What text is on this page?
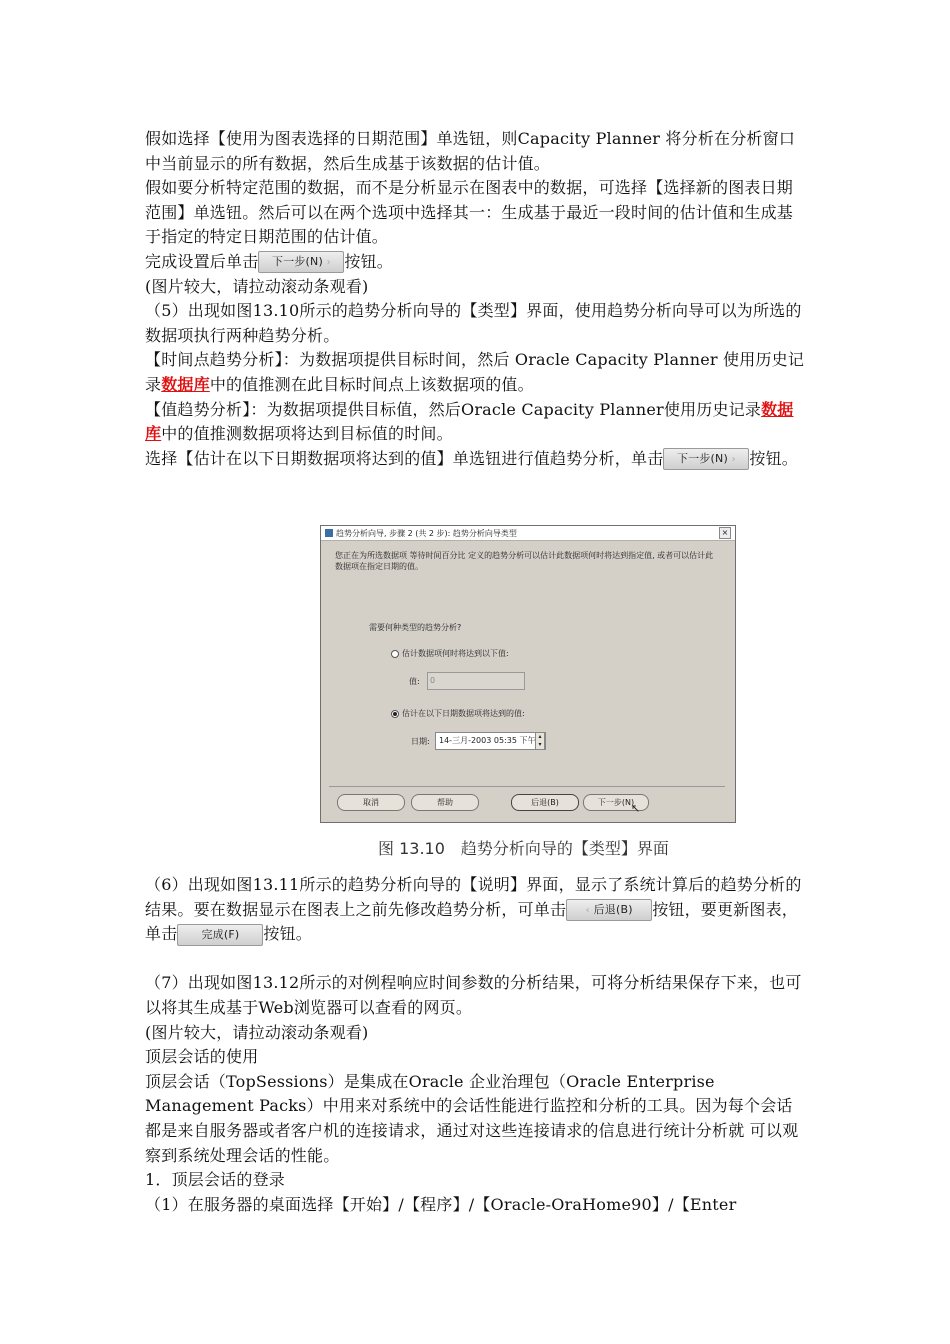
假如选择【使用为图表选择的日期范围】单选钮，则Capacity Planner 将分析在分析窗口中当前显示的所有数据，然后生成基于该数据的估计值。

假如要分析特定范围的数据，而不是分析显示在图表中的数据，可选择【选择新的图表日期范围】单选钮。然后可以在两个选项中选择其一：生成基于最近一段时间的估计值和生成基于指定的特定日期范围的估计值。

完成设置后单击 下一步(N) › 按钮。

(图片较大，请拉动滚动条观看)

（5）出现如图13.10所示的趋势分析向导的【类型】界面，使用趋势分析向导可以为所选的数据项执行两种趋势分析。

【时间点趋势分析】：为数据项提供目标时间，然后 Oracle Capacity Planner 使用历史记录数据库中的值推测在此目标时间点上该数据项的值。

【值趋势分析】：为数据项提供目标值，然后Oracle Capacity Planner使用历史记录数据库中的值推测数据项将达到目标值的时间。

选择【估计在以下日期数据项将达到的值】单选钮进行值趋势分析，单击 下一步(N) › 按钮。

趋势分析向导, 步骤 2 (共 2 步): 趋势分析向导类型	×
您正在为所选数据项 等待时间百分比 定义的趋势分析可以估计此数据项何时将达到指定值, 或者可以估计此数据项在指定日期的值。
需要何种类型的趋势分析?
估计数据项何时将达到以下值:
值:	0
估计在以下日期数据项将达到的值:
日期:	14-三月-2003 05:35 下午 ▴
▾
取消	帮助	后退(B)	下一步(N)
↖
图 13.10　趋势分析向导的【类型】界面

（6）出现如图13.11所示的趋势分析向导的【说明】界面，显示了系统计算后的趋势分析的结果。要在数据显示在图表上之前先修改趋势分析，可单击 ‹ 后退(B) 按钮，要更新图表，单击 完成(F) 按钮。

（7）出现如图13.12所示的对例程响应时间参数的分析结果，可将分析结果保存下来，也可以将其生成基于Web浏览器可以查看的网页。

(图片较大，请拉动滚动条观看)

顶层会话的使用

顶层会话（TopSessions）是集成在Oracle 企业治理包（Oracle Enterprise Management Packs）中用来对系统中的会话性能进行监控和分析的工具。因为每个会话都是来自服务器或者客户机的连接请求，通过对这些连接请求的信息进行统计分析就 可以观察到系统处理会话的性能。

1．顶层会话的登录

（1）在服务器的桌面选择【开始】/【程序】/【Oracle-OraHome90】/【Enter
